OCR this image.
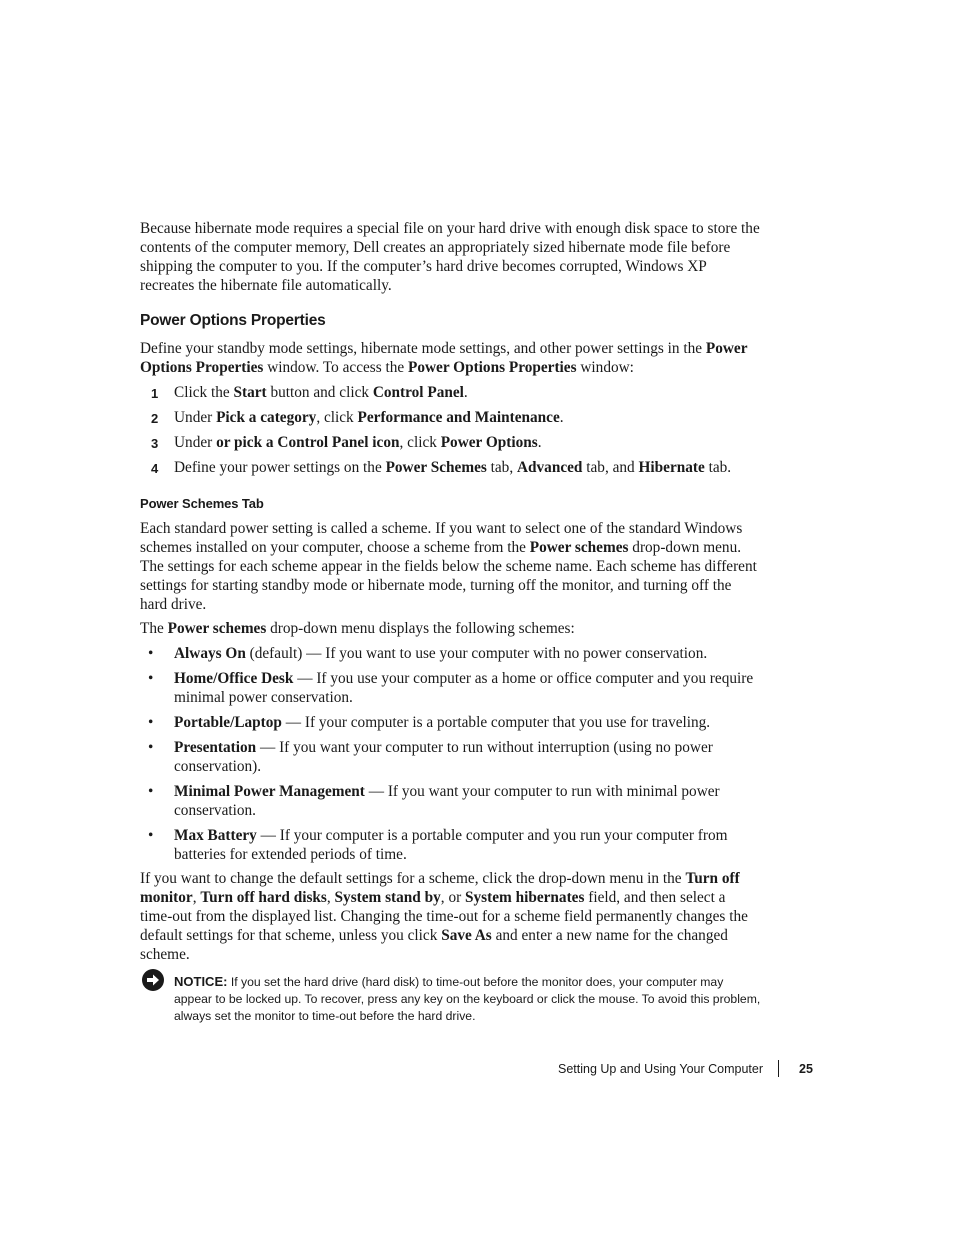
Because hibernate mode requires a special file on your hard drive with enough disk space to store the contents of the computer memory, Dell creates an appropriately sized hibernate mode file before shipping the computer to you. If the computer’s hard drive becomes corrupted, Windows XP recreates the hibernate file automatically.

Power Options Properties

Define your standby mode settings, hibernate mode settings, and other power settings in the Power Options Properties window. To access the Power Options Properties window:

1 Click the Start button and click Control Panel.
2 Under Pick a category, click Performance and Maintenance.
3 Under or pick a Control Panel icon, click Power Options.
4 Define your power settings on the Power Schemes tab, Advanced tab, and Hibernate tab.
Power Schemes Tab

Each standard power setting is called a scheme. If you want to select one of the standard Windows schemes installed on your computer, choose a scheme from the Power schemes drop-down menu. The settings for each scheme appear in the fields below the scheme name. Each scheme has different settings for starting standby mode or hibernate mode, turning off the monitor, and turning off the hard drive.

The Power schemes drop-down menu displays the following schemes:

• Always On (default) — If you want to use your computer with no power conservation.
• Home/Office Desk — If you use your computer as a home or office computer and you require minimal power conservation.
• Portable/Laptop — If your computer is a portable computer that you use for traveling.
• Presentation — If you want your computer to run without interruption (using no power conservation).
• Minimal Power Management — If you want your computer to run with minimal power conservation.
• Max Battery — If your computer is a portable computer and you run your computer from batteries for extended periods of time.

If you want to change the default settings for a scheme, click the drop-down menu in the Turn off monitor, Turn off hard disks, System stand by, or System hibernates field, and then select a time-out from the displayed list. Changing the time-out for a scheme field permanently changes the default settings for that scheme, unless you click Save As and enter a new name for the changed scheme.

NOTICE: If you set the hard drive (hard disk) to time-out before the monitor does, your computer may appear to be locked up. To recover, press any key on the keyboard or click the mouse. To avoid this problem, always set the monitor to time-out before the hard drive.

Setting Up and Using Your Computer	25
